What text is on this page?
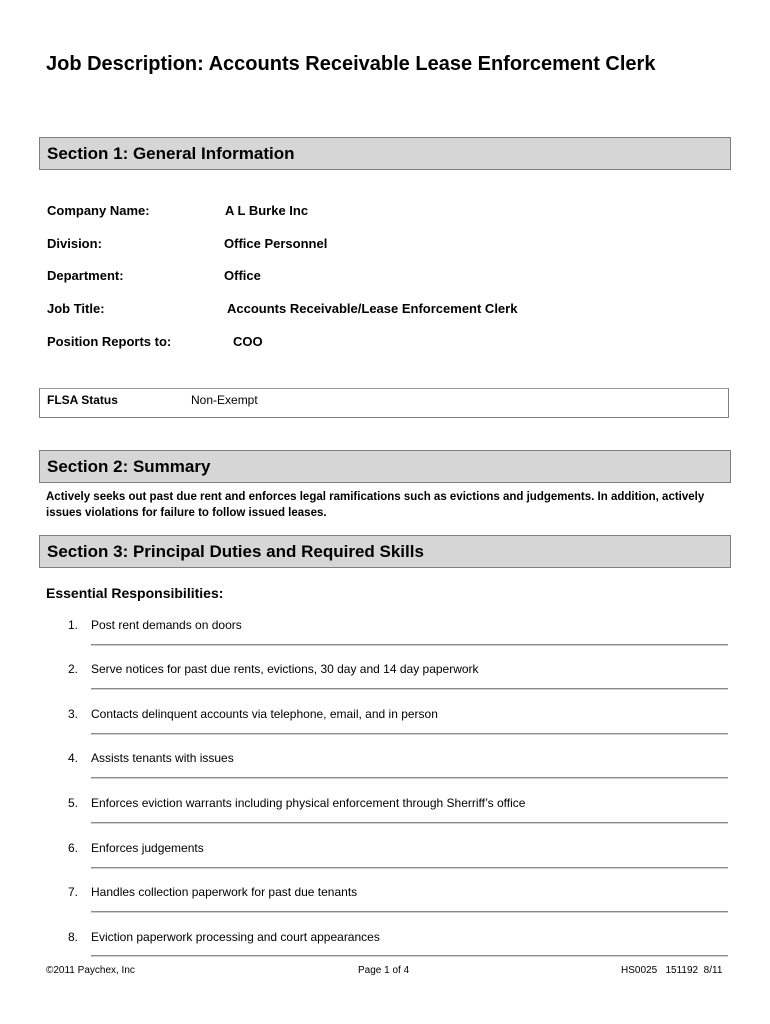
Job Description: Accounts Receivable Lease Enforcement Clerk
Section 1: General Information
Company Name:	A L Burke Inc
Division:	Office Personnel
Department:	Office
Job Title:	Accounts Receivable/Lease Enforcement Clerk
Position Reports to:	COO
FLSA Status	Non-Exempt
Section 2: Summary

Actively seeks out past due rent and enforces legal ramifications such as evictions and judgements. In addition, actively issues violations for failure to follow issued leases.

Section 3: Principal Duties and Required Skills
Essential Responsibilities:
1. Post rent demands on doors
2. Serve notices for past due rents, evictions, 30 day and 14 day paperwork
3. Contacts delinquent accounts via telephone, email, and in person
4. Assists tenants with issues
5. Enforces eviction warrants including physical enforcement through Sherriff’s office
6. Enforces judgements
7. Handles collection paperwork for past due tenants
8. Eviction paperwork processing and court appearances
©2011 Paychex, Inc	Page 1 of 4	HS0025   151192  8/11
